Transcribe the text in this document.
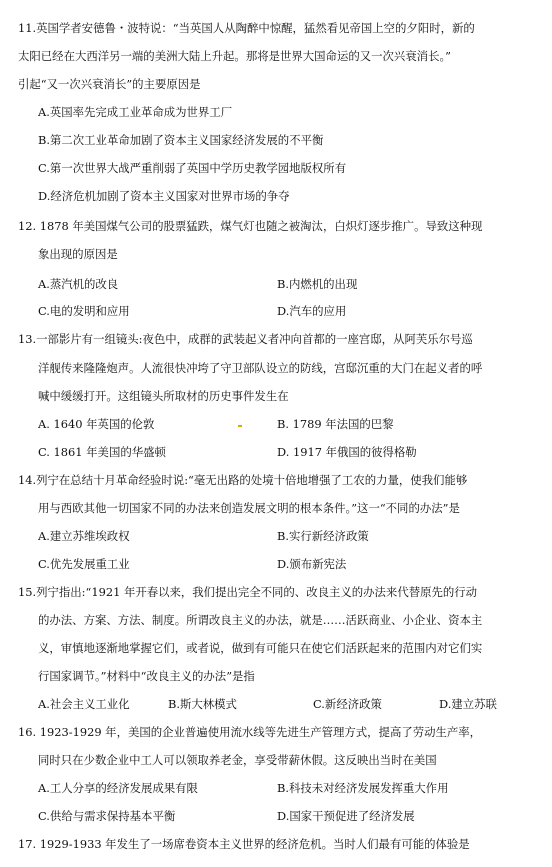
11.英国学者安德鲁・波特说：“当英国人从陶醉中惊醒，猛然看见帝国上空的夕阳时，新的
太阳已经在大西洋另一端的美洲大陆上升起。那将是世界大国命运的又一次兴衰消长。”
引起“又一次兴衰消长”的主要原因是
A.英国率先完成工业革命成为世界工厂
B.第二次工业革命加剧了资本主义国家经济发展的不平衡
C.第一次世界大战严重削弱了英国中学历史教学园地版权所有
D.经济危机加剧了资本主义国家对世界市场的争夺
12. 1878 年美国煤气公司的股票猛跌，煤气灯也随之被淘汰，白炽灯逐步推广。导致这种现
象出现的原因是
A.蒸汽机的改良	B.内燃机的出现
C.电的发明和应用	D.汽车的应用
13.一部影片有一组镜头:夜色中，成群的武装起义者冲向首都的一座宫邸，从阿芙乐尔号巡
洋舰传来隆隆炮声。人流很快冲垮了守卫部队设立的防线，宫邸沉重的大门在起义者的呼
喊中缓缓打开。这组镜头所取材的历史事件发生在
A. 1640 年英国的伦敦	B. 1789 年法国的巴黎
C. 1861 年美国的华盛顿	D. 1917 年俄国的彼得格勒
14.列宁在总结十月革命经验时说:“毫无出路的处境十倍地增强了工农的力量，使我们能够
用与西欧其他一切国家不同的办法来创造发展文明的根本条件。”这一“不同的办法”是
A.建立苏维埃政权	B.实行新经济政策
C.优先发展重工业	D.颁布新宪法
15.列宁指出:“1921 年开春以来，我们提出完全不同的、改良主义的办法来代替原先的行动
的办法、方案、方法、制度。所谓改良主义的办法，就是……活跃商业、小企业、资本主
义，审慎地逐渐地掌握它们，或者说，做到有可能只在使它们活跃起来的范围内对它们实
行国家调节。”材料中“改良主义的办法”是指
A.社会主义工业化	B.斯大林模式	C.新经济政策	D.建立苏联
16. 1923-1929 年，美国的企业普遍使用流水线等先进生产管理方式，提高了劳动生产率，
同时只在少数企业中工人可以领取养老金，享受带薪休假。这反映出当时在美国
A.工人分享的经济发展成果有限	B.科技未对经济发展发挥重大作用
C.供给与需求保持基本平衡	D.国家干预促进了经济发展
17. 1929-1933 年发生了一场席卷资本主义世界的经济危机。当时人们最有可能的体验是
